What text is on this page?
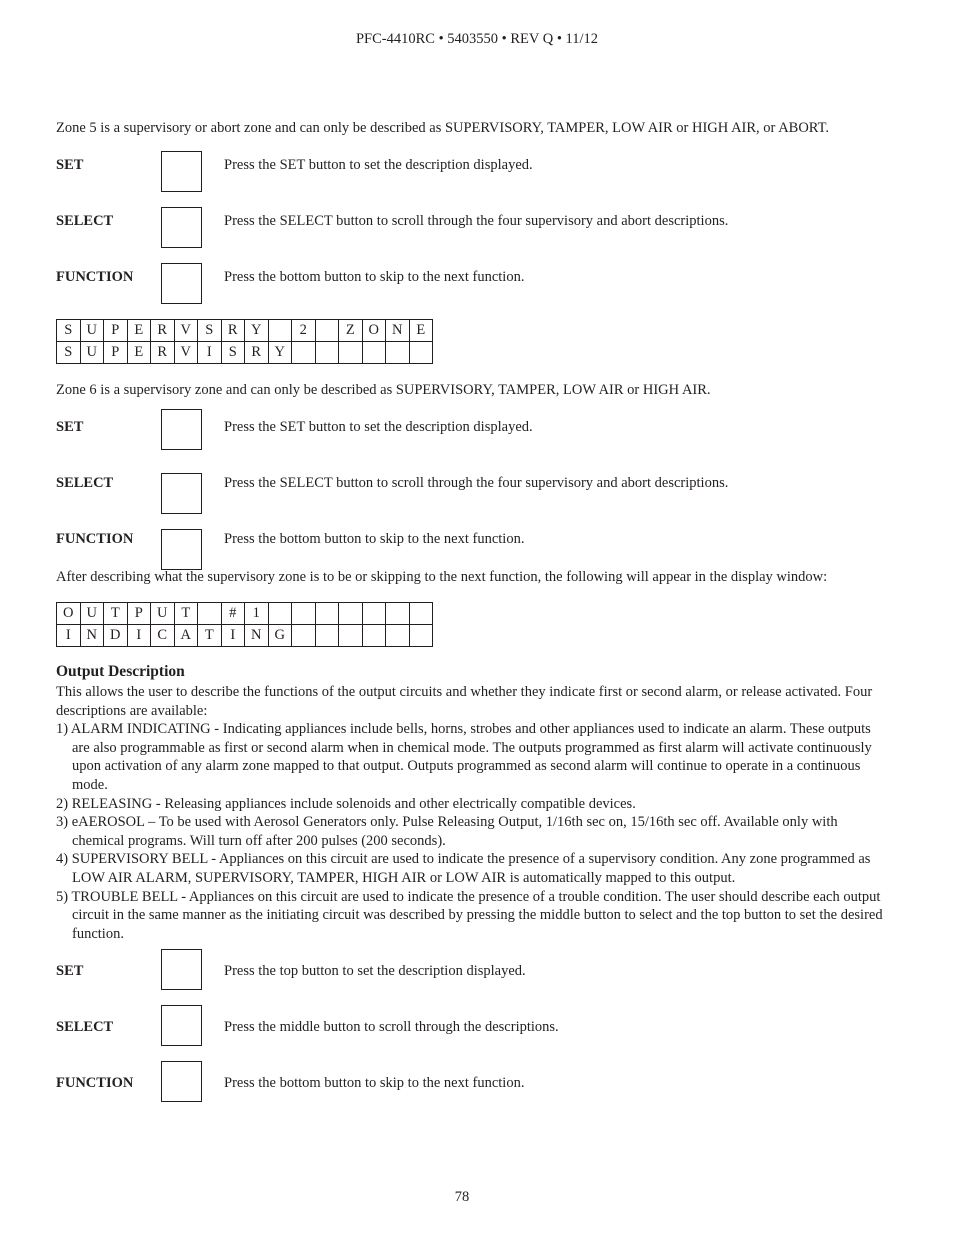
PFC-4410RC • 5403550 • REV Q • 11/12
Zone 5 is a supervisory or abort zone and can only be described as SUPERVISORY, TAMPER, LOW AIR or HIGH AIR, or ABORT.
SET	Press the SET button to set the description displayed.
SELECT	Press the SELECT button to scroll through the four supervisory and abort descriptions.
FUNCTION	Press the bottom button to skip to the next function.
S	U	P	E	R	V	S	R	Y		2		Z	O	N	E
S	U	P	E	R	V	I	S	R	Y						
Zone 6 is a supervisory zone and can only be described as SUPERVISORY, TAMPER, LOW AIR or HIGH AIR.
SET	Press the SET button to set the description displayed.
SELECT	Press the SELECT button to scroll through the four supervisory and abort descriptions.
FUNCTION	Press the bottom button to skip to the next function.
After describing what the supervisory zone is to be or skipping to the next function, the following will appear in the display window:
O	U	T	P	U	T		#	1							
I	N	D	I	C	A	T	I	N	G						
Output Description
This allows the user to describe the functions of the output circuits and whether they indicate first or second alarm, or release activated. Four descriptions are available:
1) ALARM INDICATING - Indicating appliances include bells, horns, strobes and other appliances used to indicate an alarm. These outputs are also programmable as first or second alarm when in chemical mode. The outputs programmed as first alarm will activate continuously upon activation of any alarm zone mapped to that output. Outputs programmed as second alarm will continue to operate in a continuous mode.
2) RELEASING - Releasing appliances include solenoids and other electrically compatible devices.
3) eAEROSOL – To be used with Aerosol Generators only. Pulse Releasing Output, 1/16th sec on, 15/16th sec off. Available only with chemical programs. Will turn off after 200 pulses (200 seconds).
4) SUPERVISORY BELL - Appliances on this circuit are used to indicate the presence of a supervisory condition. Any zone programmed as LOW AIR ALARM, SUPERVISORY, TAMPER, HIGH AIR or LOW AIR is automatically mapped to this output.
5) TROUBLE BELL - Appliances on this circuit are used to indicate the presence of a trouble condition. The user should describe each output circuit in the same manner as the initiating circuit was described by pressing the middle button to select and the top button to set the desired function.
SET	Press the top button to set the description displayed.
SELECT	Press the middle button to scroll through the descriptions.
FUNCTION	Press the bottom button to skip to the next function.
78
